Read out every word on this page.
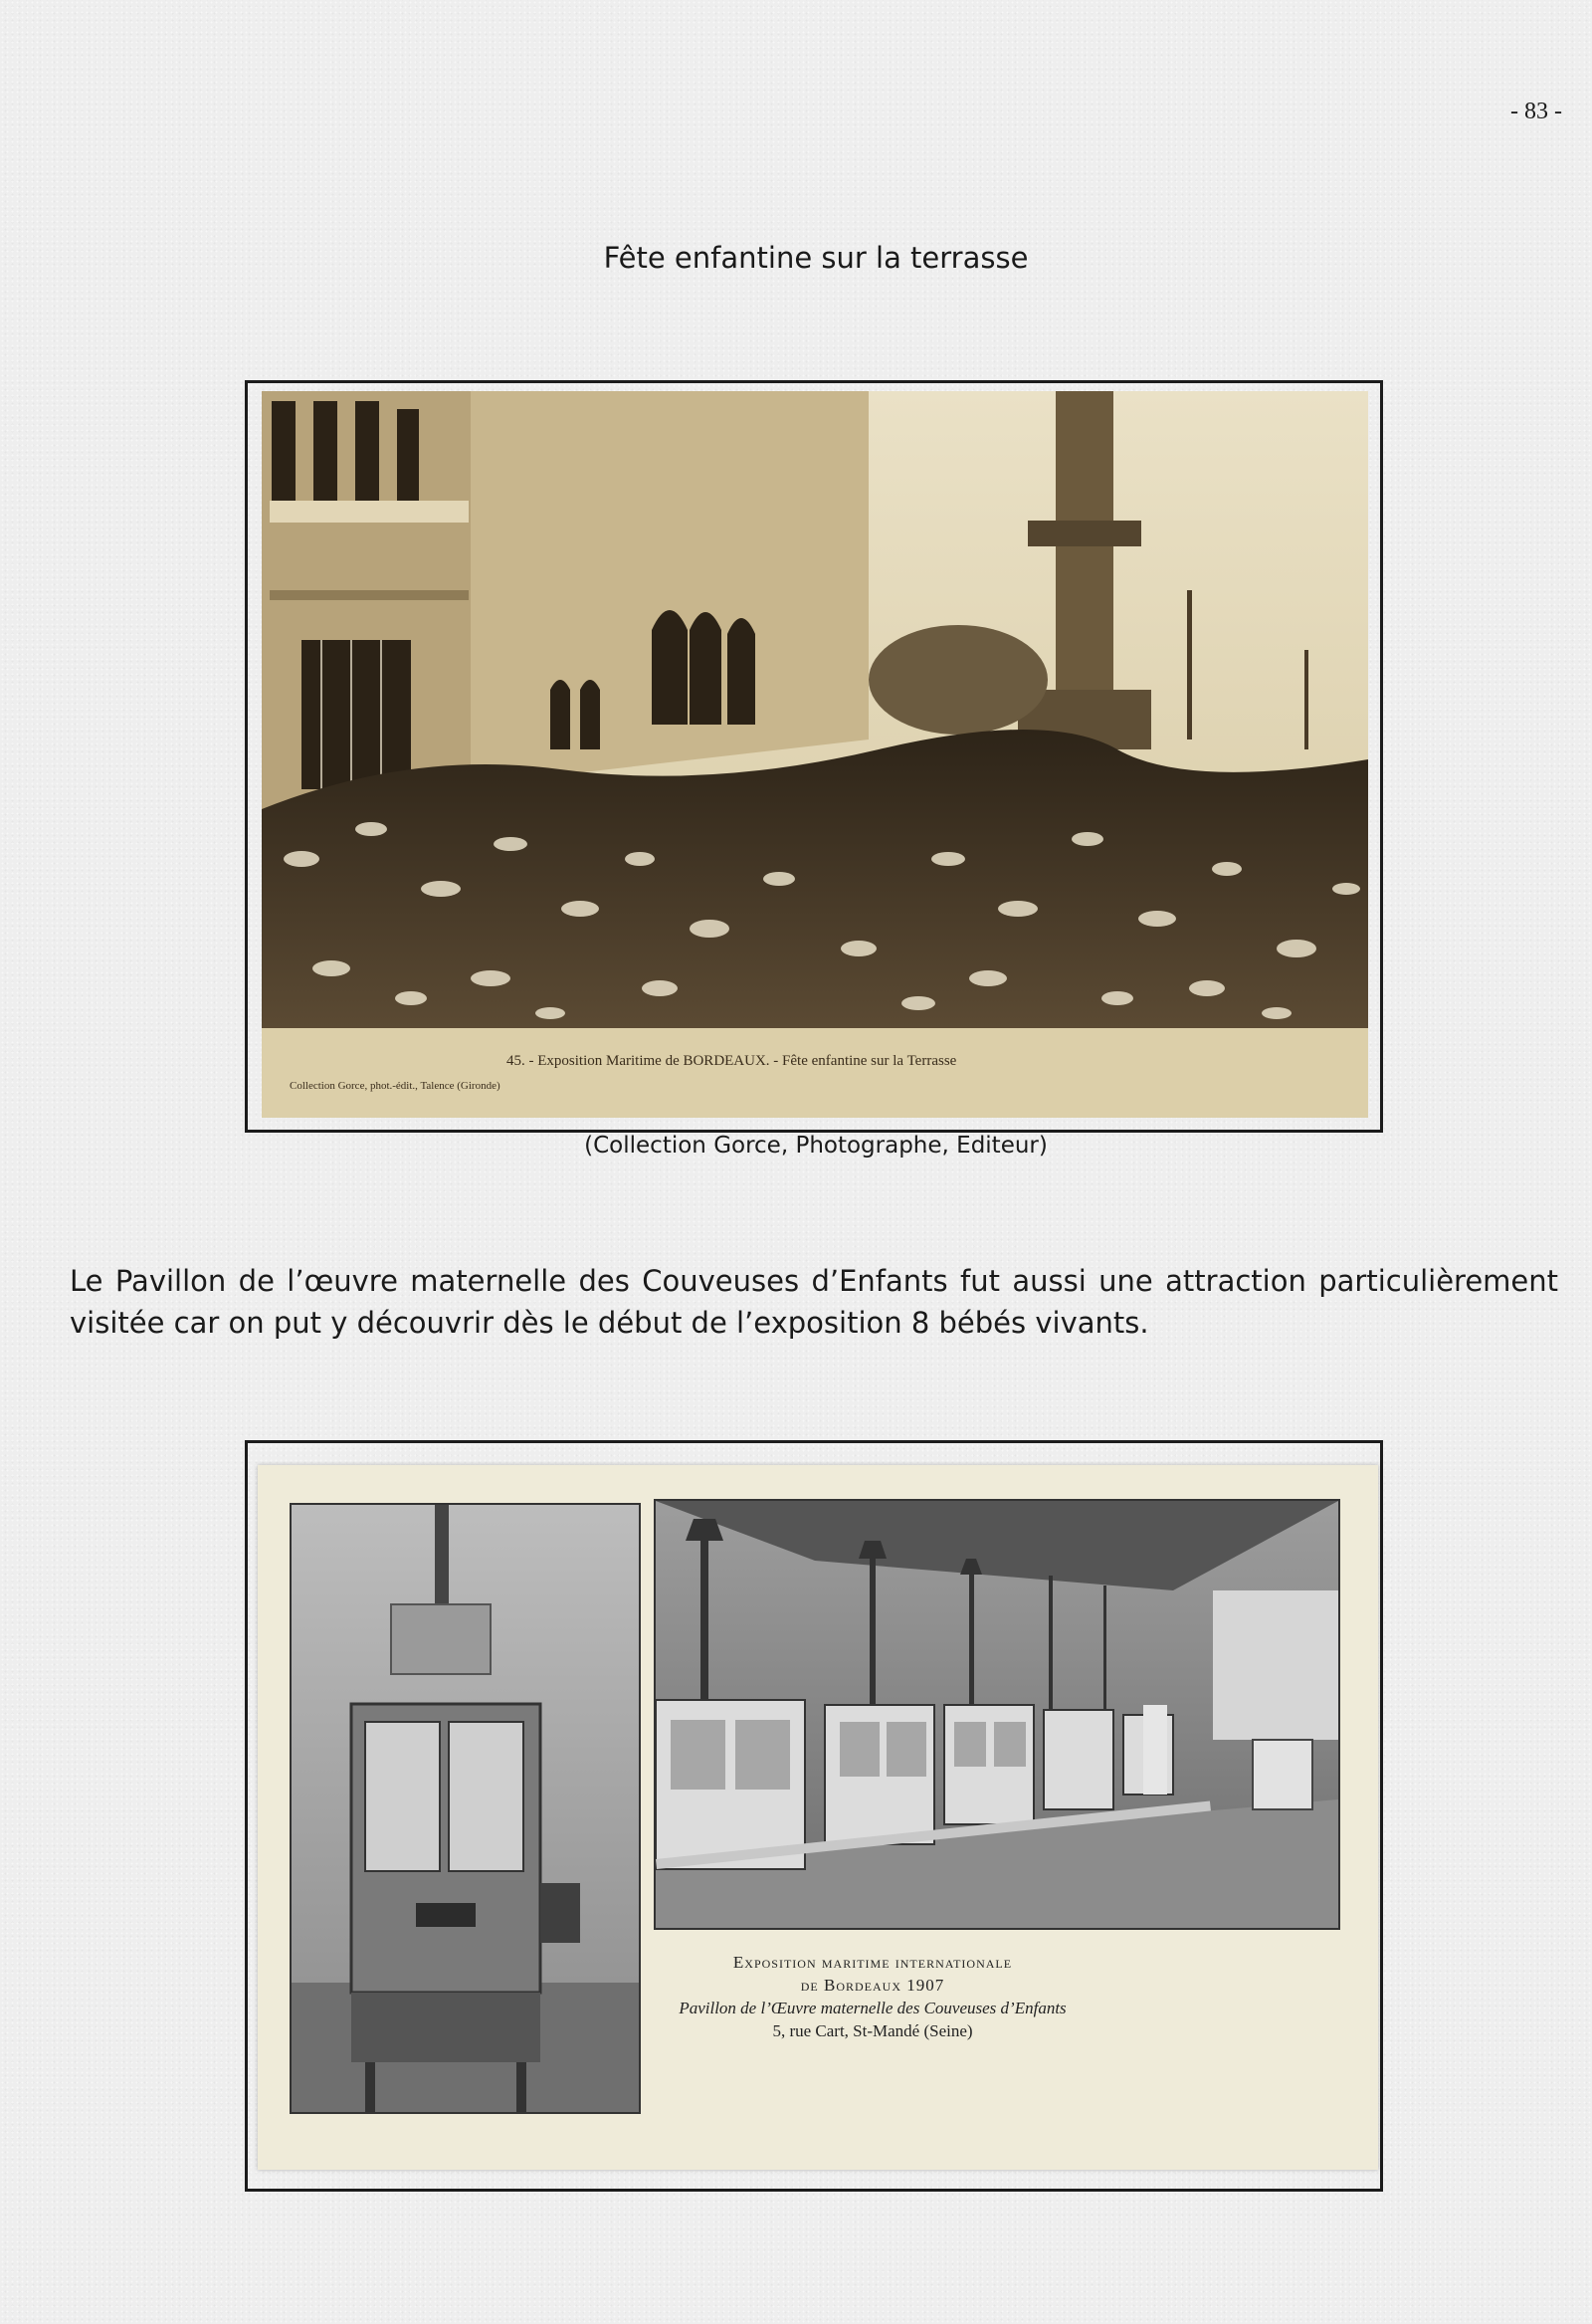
- 83 -
Fête enfantine sur la terrasse
45. - Exposition Maritime de BORDEAUX. - Fête enfantine sur la Terrasse
Collection Gorce, phot.-édit., Talence (Gironde)
(Collection Gorce, Photographe, Editeur)

Le Pavillon de l’œuvre maternelle des Couveuses d’Enfants fut aussi une attraction particulièrement visitée car on put y découvrir dès le début de l’exposition 8 bébés vivants.

Exposition maritime internationale
de Bordeaux 1907
Pavillon de l’Œuvre maternelle des Couveuses d’Enfants
5, rue Cart, St-Mandé (Seine)
